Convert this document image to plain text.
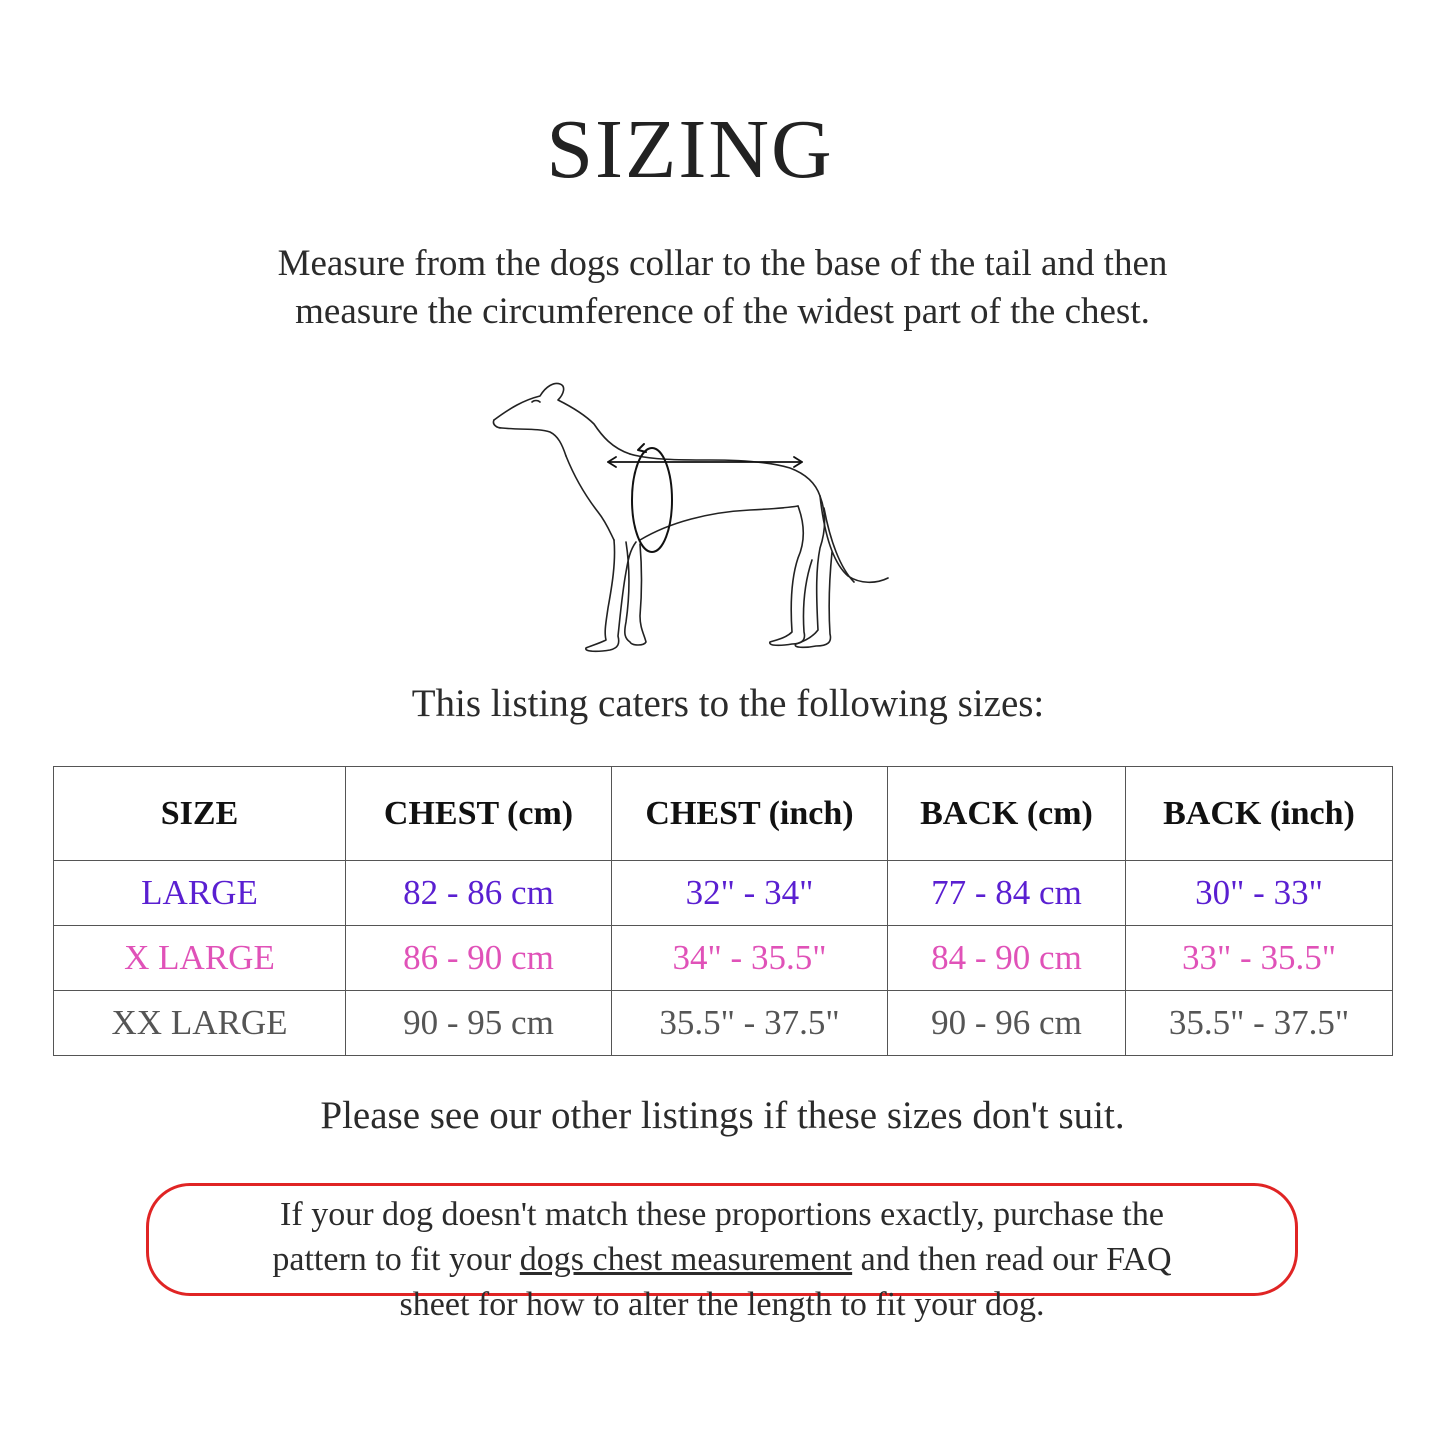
SIZING
Measure from the dogs collar to the base of the tail and then
measure the circumference of the widest part of the chest.
This listing caters to the following sizes:
SIZE	CHEST (cm)	CHEST (inch)	BACK (cm)	BACK (inch)
LARGE	82 - 86 cm	32" - 34"	77 - 84 cm	30" - 33"
X LARGE	86 - 90 cm	34" - 35.5"	84 - 90 cm	33" - 35.5"
XX LARGE	90 - 95 cm	35.5" - 37.5"	90 - 96 cm	35.5" - 37.5"
Please see our other listings if these sizes don't suit.
If your dog doesn't match these proportions exactly, purchase the
pattern to fit your dogs chest measurement and then read our FAQ
sheet for how to alter the length to fit your dog.
